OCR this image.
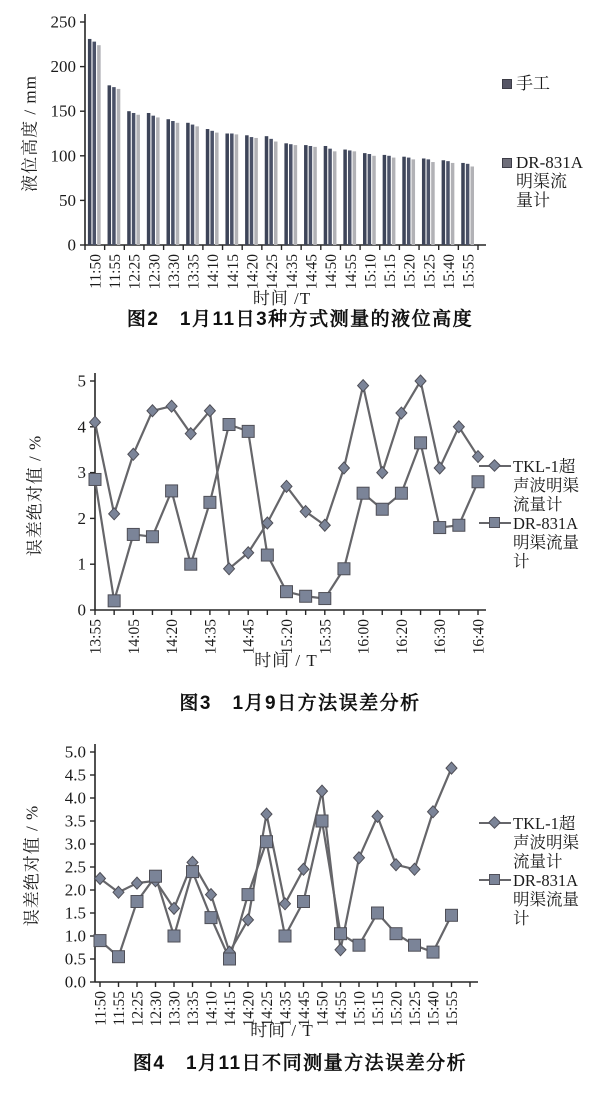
0
50
100
150
200
250
11:50 11:55 12:25 12:30 13:30 13:35 14:10 14:15 14:20 14:25 14:35 14:45 14:50 14:55 15:10 15:15 15:20 15:25 15:40 15:55
液位高度 / mm
时间 /T
手工
DR-831A
明渠流
量计
图2　1月11日3种方式测量的液位高度
0
1
2
3
4
5
13:55 14:05 14:20 14:35 14:45 15:20 15:35 16:00 16:20 16:30 16:40
误差绝对值 / %
时间 / T
TKL-1超
声波明渠
流量计
DR-831A
明渠流量
计
图3　1月9日方法误差分析
0.0
0.5
1.0
1.5
2.0
2.5
3.0
3.5
4.0
4.5
5.0
11:50 11:55 12:25 12:30 13:30 13:35 14:10 14:15 14:20 14:25 14:35 14:45 14:50 14:55 15:10 15:15 15:20 15:25 15:40 15:55
误差绝对值 / %
时间 / T
TKL-1超
声波明渠
流量计
DR-831A
明渠流量
计
图4　1月11日不同测量方法误差分析
